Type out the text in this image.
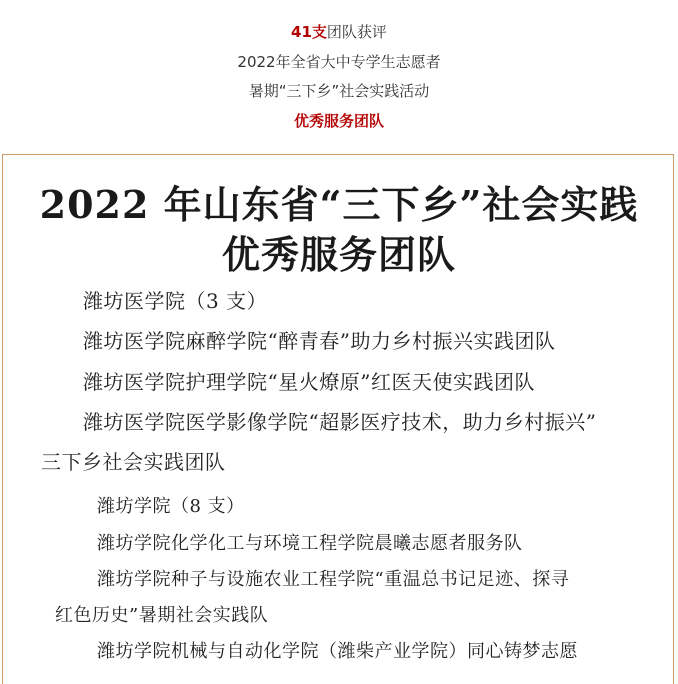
41支团队获评
2022年全省大中专学生志愿者
暑期“三下乡”社会实践活动
优秀服务团队
2022 年山东省“三下乡”社会实践
优秀服务团队
潍坊医学院（3 支）
潍坊医学院麻醉学院“醉青春”助力乡村振兴实践团队
潍坊医学院护理学院“星火燎原”红医天使实践团队
潍坊医学院医学影像学院“超影医疗技术，助力乡村振兴”
三下乡社会实践团队
潍坊学院（8 支）
潍坊学院化学化工与环境工程学院晨曦志愿者服务队
潍坊学院种子与设施农业工程学院“重温总书记足迹、探寻
红色历史”暑期社会实践队
潍坊学院机械与自动化学院（潍柴产业学院）同心铸梦志愿
